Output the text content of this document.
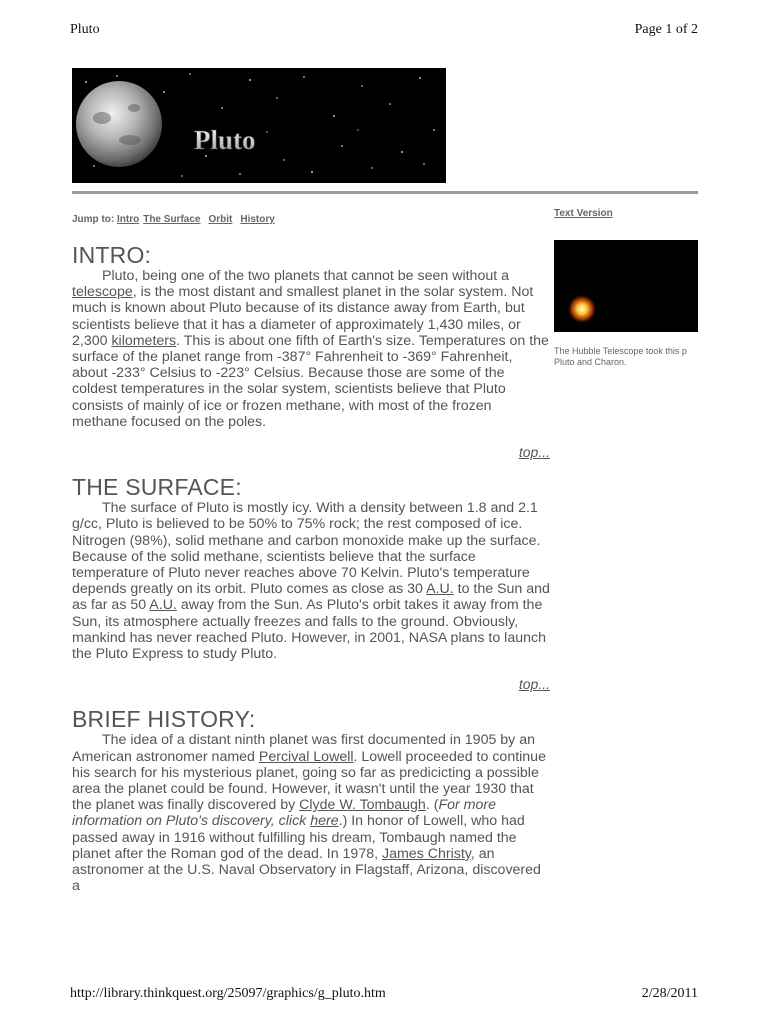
Pluto	Page 1 of 2
Pluto
Jump to: Intro The Surface Orbit History
Text Version
The Hubble Telescope took this p
Pluto and Charon.
INTRO:

Pluto, being one of the two planets that cannot be seen without a telescope, is the most distant and smallest planet in the solar system. Not much is known about Pluto because of its distance away from Earth, but scientists believe that it has a diameter of approximately 1,430 miles, or 2,300 kilometers. This is about one fifth of Earth's size. Temperatures on the surface of the planet range from -387° Fahrenheit to -369° Fahrenheit, about -233° Celsius to -223° Celsius. Because those are some of the coldest temperatures in the solar system, scientists believe that Pluto consists of mainly of ice or frozen methane, with most of the frozen methane focused on the poles.

top...

THE SURFACE:

The surface of Pluto is mostly icy. With a density between 1.8 and 2.1 g/cc, Pluto is believed to be 50% to 75% rock; the rest composed of ice. Nitrogen (98%), solid methane and carbon monoxide make up the surface. Because of the solid methane, scientists believe that the surface temperature of Pluto never reaches above 70 Kelvin. Pluto's temperature depends greatly on its orbit. Pluto comes as close as 30 A.U. to the Sun and as far as 50 A.U. away from the Sun. As Pluto's orbit takes it away from the Sun, its atmosphere actually freezes and falls to the ground. Obviously, mankind has never reached Pluto. However, in 2001, NASA plans to launch the Pluto Express to study Pluto.

top...

BRIEF HISTORY:

The idea of a distant ninth planet was first documented in 1905 by an American astronomer named Percival Lowell. Lowell proceeded to continue his search for his mysterious planet, going so far as predicicting a possible area the planet could be found. However, it wasn't until the year 1930 that the planet was finally discovered by Clyde W. Tombaugh. (For more information on Pluto's discovery, click here.) In honor of Lowell, who had passed away in 1916 without fulfilling his dream, Tombaugh named the planet after the Roman god of the dead. In 1978, James Christy, an astronomer at the U.S. Naval Observatory in Flagstaff, Arizona, discovered a

http://library.thinkquest.org/25097/graphics/g_pluto.htm	2/28/2011
